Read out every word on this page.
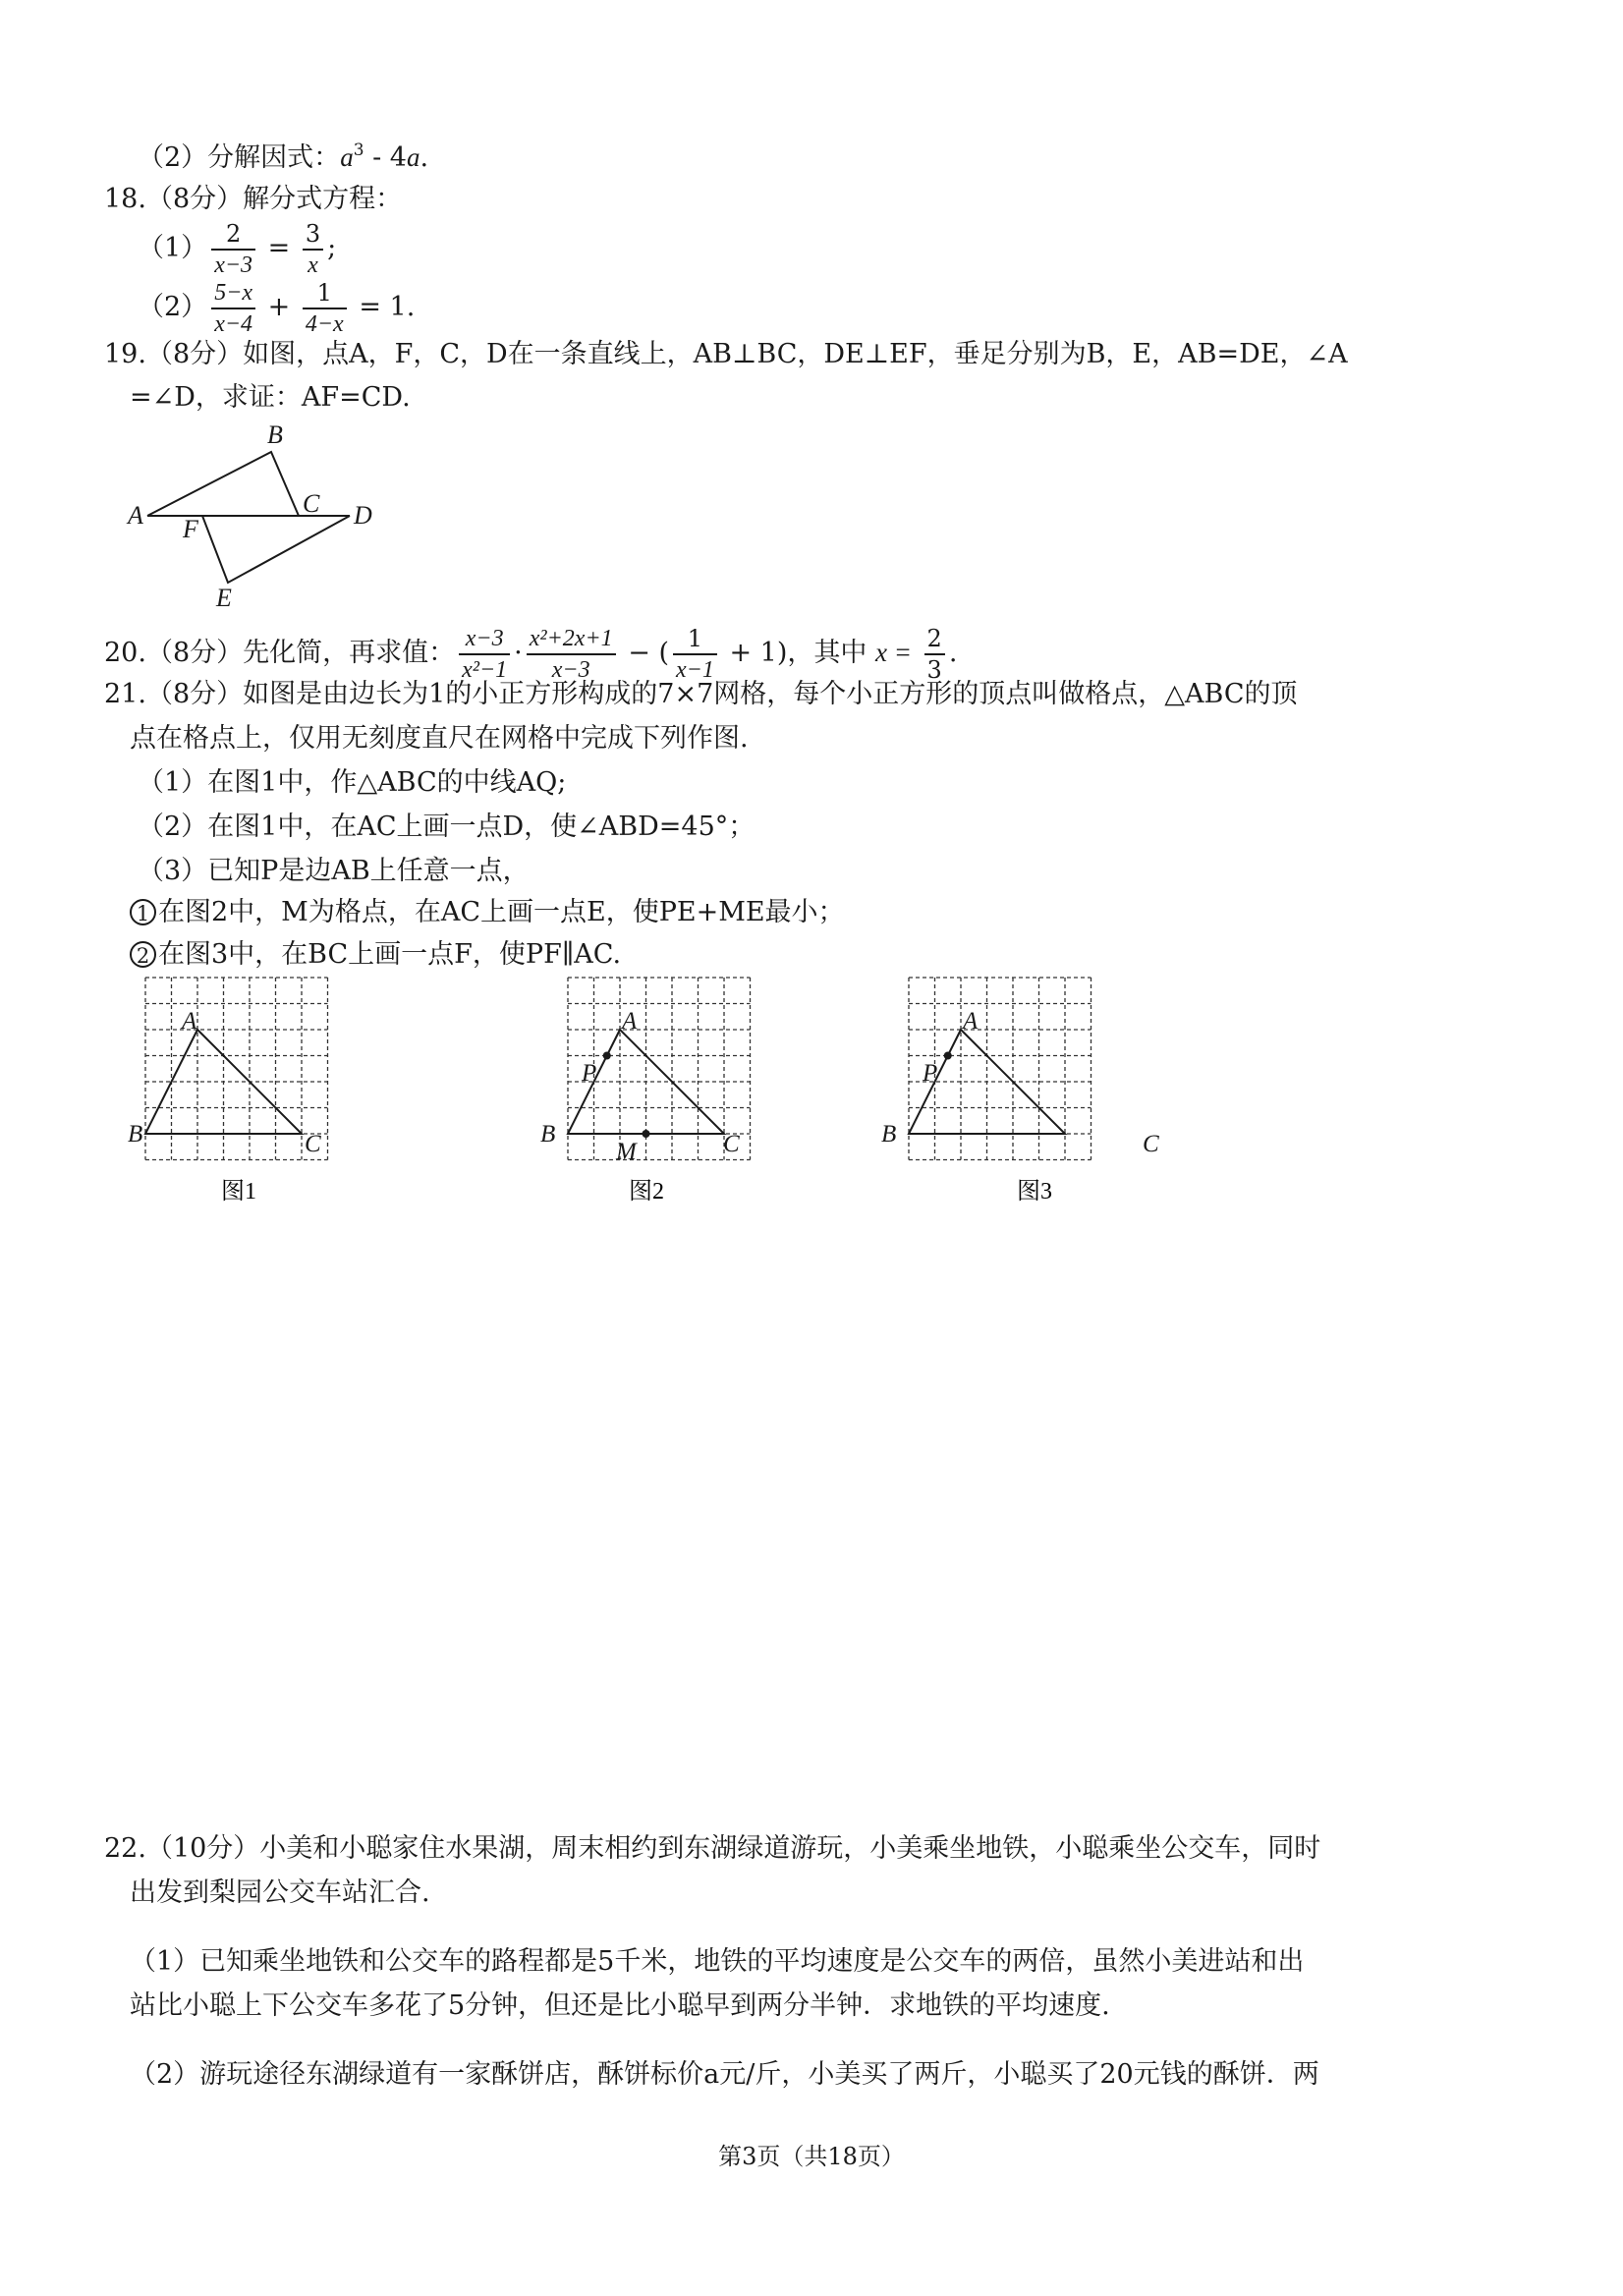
（2）分解因式：$a^3 - 4a$.
18.（8分）解分式方程：
$(1) \frac{2}{x-3} = \frac{3}{x}$ ;
$(2) \frac{5-x}{x-4} + \frac{1}{4-x} = 1$.
19.（8分）如图，点A，F，C，D在一条直线上，AB⊥BC，DE⊥EF，垂足分别为B，E，AB=DE，∠A
=∠D，求证：AF=CD.
A
B
C D
E
F
20.（8分）先化简，再求值： $\frac{x-3}{\text{x²−1}} \cdot \frac{\text{x²+2x+1}}{x-3}$ − ( $\frac{1}{x-1} + 1$)，其中 $x = \frac{2}{3}$ .
21.（8分）如图是由边长为1的小正方形构成的7×7网格，每个小正方形的顶点叫做格点，△ABC的顶
点在格点上，仅用无刻度直尺在网格中完成下列作图.
（1）在图1中，作△ABC的中线AQ;
（2）在图1中，在AC上画一点D，使∠ABD=45°；
（3）已知P是边AB上任意一点，
1 在图2中，M为格点，在AC上画一点E，使PE+ME最小；
2 在图3中，在BC上画一点F，使PF∥AC.
A
B	C
图1
A
P
B
M	C
图2
A
P
B	C
图3
22.（10分）小美和小聪家住水果湖，周末相约到东湖绿道游玩，小美乘坐地铁，小聪乘坐公交车，同时
出发到梨园公交车站汇合.
（1）已知乘坐地铁和公交车的路程都是5千米，地铁的平均速度是公交车的两倍，虽然小美进站和出
站比小聪上下公交车多花了5分钟，但还是比小聪早到两分半钟．求地铁的平均速度.
（2）游玩途径东湖绿道有一家酥饼店，酥饼标价a元/斤，小美买了两斤，小聪买了20元钱的酥饼．两
第3页（共18页）
